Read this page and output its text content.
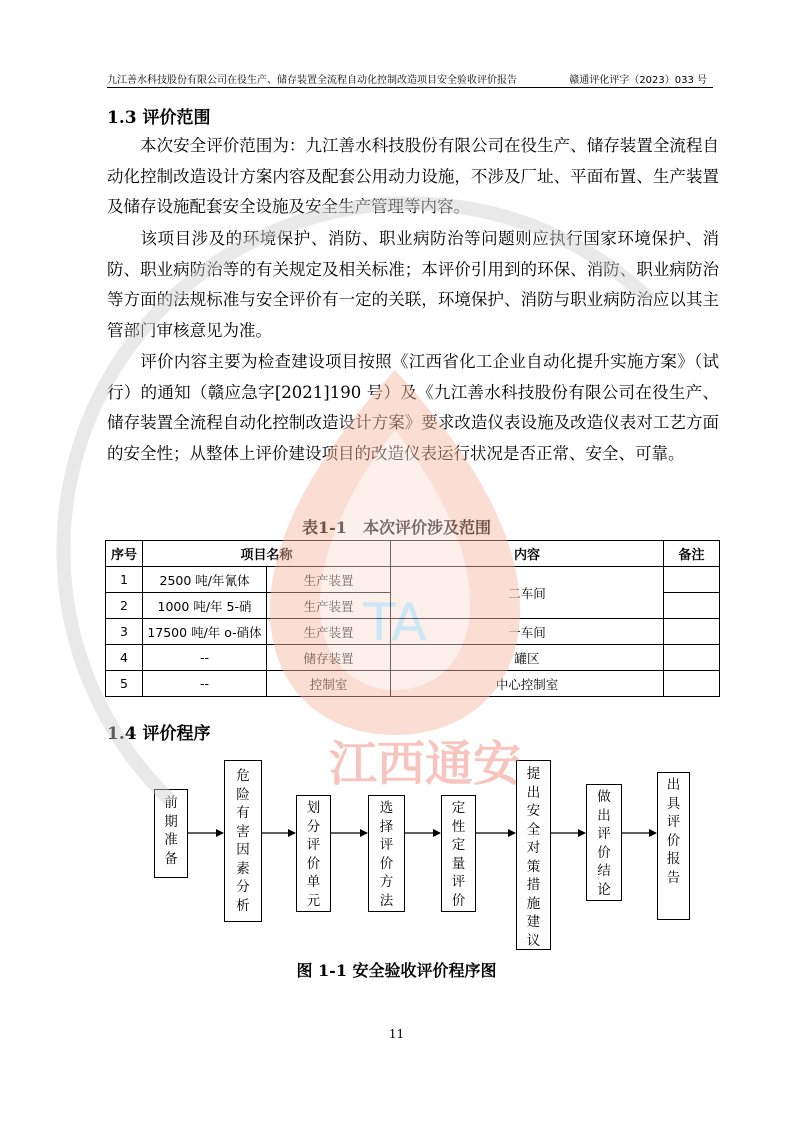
九江善水科技股份有限公司在役生产、储存装置全流程自动化控制改造项目安全验收评价报告	赣通评化评字（2023）033 号
1.3 评价范围
本次安全评价范围为：九江善水科技股份有限公司在役生产、储存装置全流程自动化控制改造设计方案内容及配套公用动力设施，不涉及厂址、平面布置、生产装置及储存设施配套安全设施及安全生产管理等内容。
该项目涉及的环境保护、消防、职业病防治等问题则应执行国家环境保护、消防、职业病防治等的有关规定及相关标准；本评价引用到的环保、消防、职业病防治等方面的法规标准与安全评价有一定的关联，环境保护、消防与职业病防治应以其主管部门审核意见为准。
评价内容主要为检查建设项目按照《江西省化工企业自动化提升实施方案》（试行）的通知（赣应急字[2021]190 号）及《九江善水科技股份有限公司在役生产、储存装置全流程自动化控制改造设计方案》要求改造仪表设施及改造仪表对工艺方面的安全性；从整体上评价建设项目的改造仪表运行状况是否正常、安全、可靠。
表1-1　本次评价涉及范围
序号	项目名称		内容	备注
1	2500 吨/年氰体	生产装置	二车间	
2	1000 吨/年 5-硝	生产装置		
3	17500 吨/年 o-硝体	生产装置	一车间	
4	--	储存装置	罐区	
5	--	控制室	中心控制室	
1.4 评价程序
前期准备
危险有害因素分析
划分评价单元
选择评价方法
定性定量评价
提出安全对策措施建议
做出评价结论
出具评价报告
图 1-1 安全验收评价程序图
11
TA
江西通安
